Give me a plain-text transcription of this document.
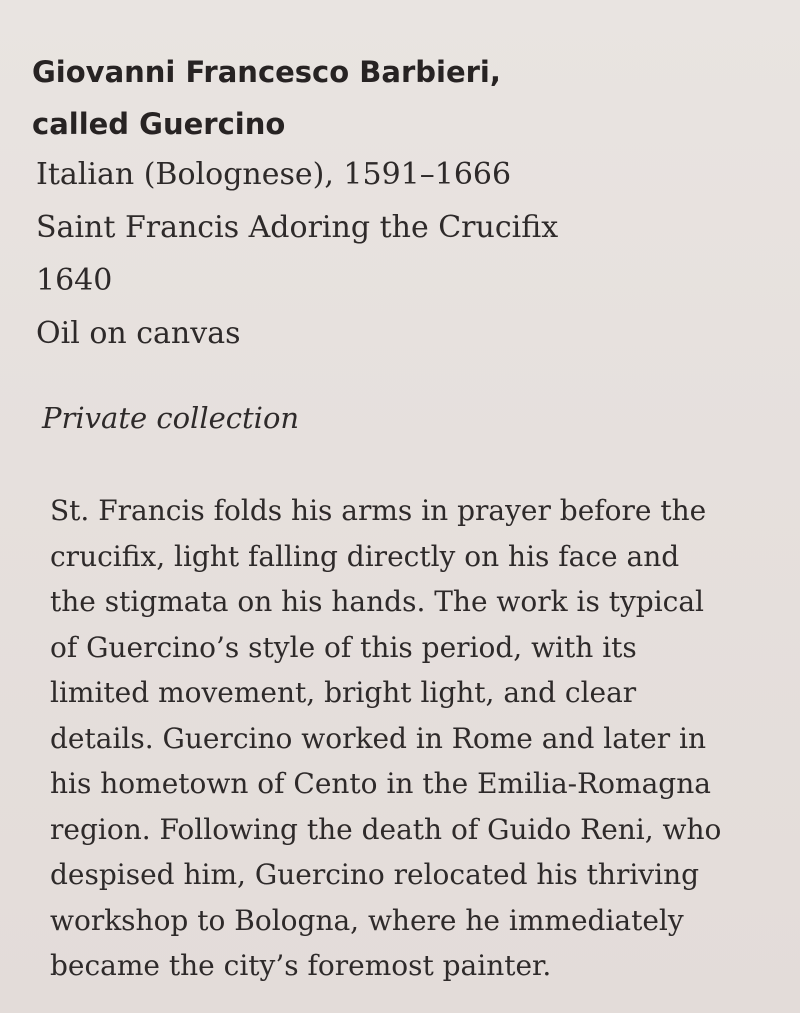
Giovanni Francesco Barbieri,
called Guercino
Italian (Bolognese), 1591–1666
Saint Francis Adoring the Crucifix
1640
Oil on canvas
Private collection
St. Francis folds his arms in prayer before the
crucifix, light falling directly on his face and
the stigmata on his hands. The work is typical
of Guercino’s style of this period, with its
limited movement, bright light, and clear
details. Guercino worked in Rome and later in
his hometown of Cento in the Emilia-Romagna
region. Following the death of Guido Reni, who
despised him, Guercino relocated his thriving
workshop to Bologna, where he immediately
became the city’s foremost painter.
